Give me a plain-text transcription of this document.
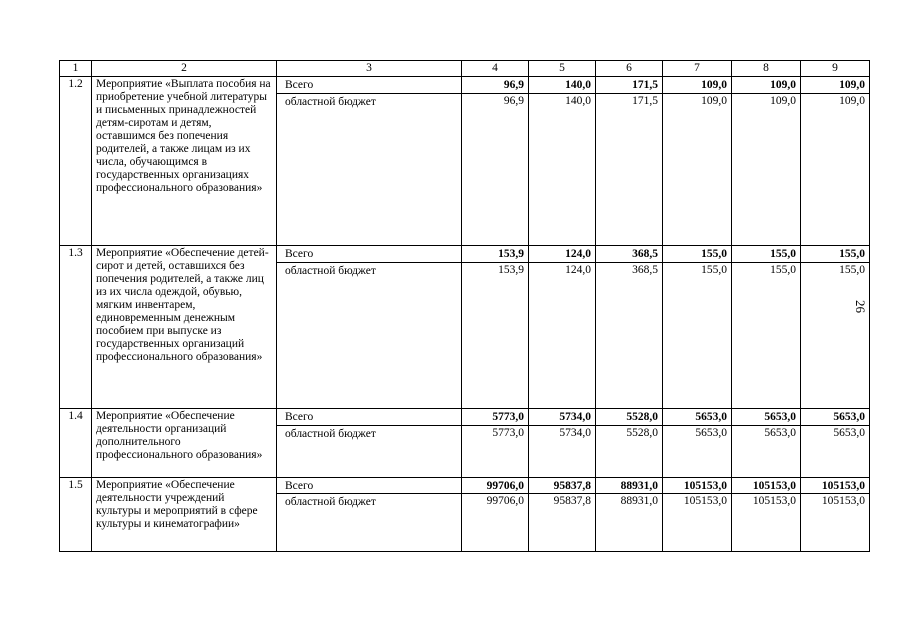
1	2	3	4	5	6	7	8	9
1.2	Мероприятие «Выплата пособия на приобретение учебной литературы и письменных принадлежностей детям-сиротам и детям, оставшимся без попечения родителей, а также лицам из их числа, обучающимся в государственных организациях профессионального образования»	Всего	96,9	140,0	171,5	109,0	109,0	109,0
		областной бюджет	96,9	140,0	171,5	109,0	109,0	109,0
1.3	Мероприятие «Обеспечение детей-сирот и детей, оставшихся без попечения родителей, а также лиц из их числа одеждой, обувью, мягким инвентарем, единовременным денежным пособием при выпуске из государственных организаций профессионального образования»	Всего	153,9	124,0	368,5	155,0	155,0	155,0
		областной бюджет	153,9	124,0	368,5	155,0	155,0	155,0
1.4	Мероприятие «Обеспечение деятельности организаций дополнительного профессионального образования»	Всего	5773,0	5734,0	5528,0	5653,0	5653,0	5653,0
		областной бюджет	5773,0	5734,0	5528,0	5653,0	5653,0	5653,0
1.5	Мероприятие «Обеспечение деятельности учреждений культуры и мероприятий в сфере культуры и кинематографии»	Всего	99706,0	95837,8	88931,0	105153,0	105153,0	105153,0
		областной бюджет	99706,0	95837,8	88931,0	105153,0	105153,0	105153,0
26
